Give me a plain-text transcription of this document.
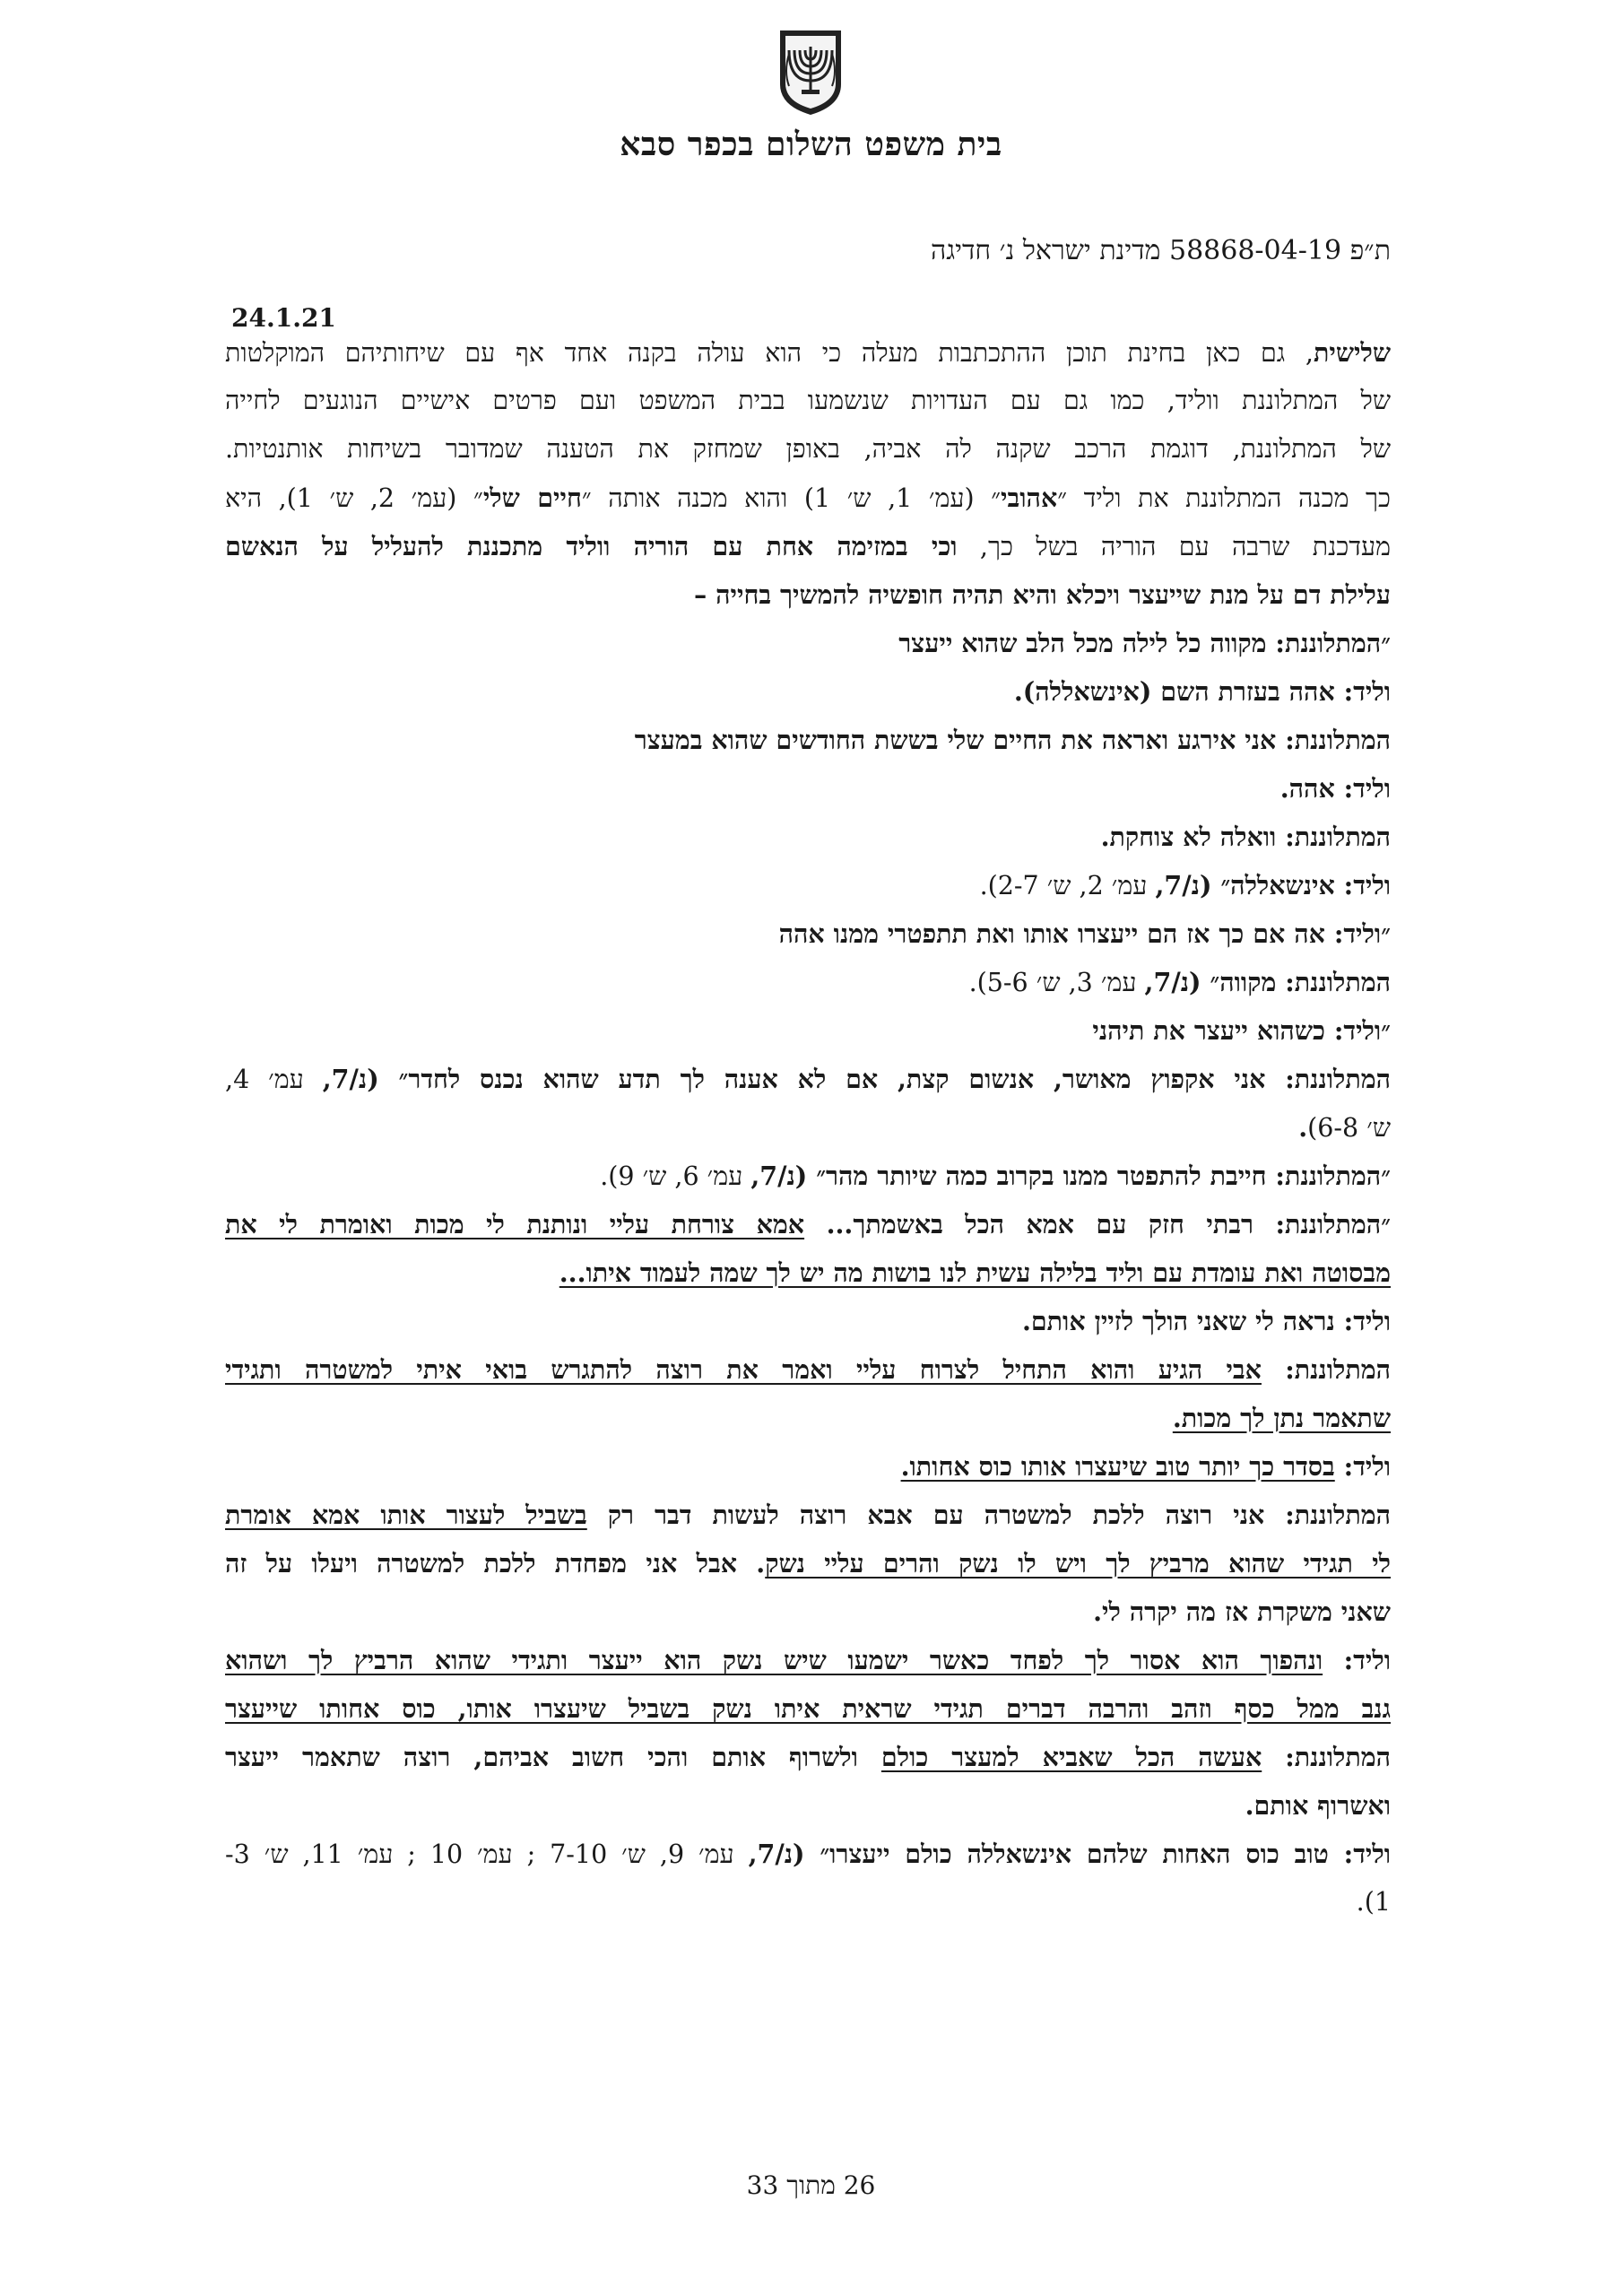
בית משפט השלום בכפר סבא
ת״פ 58868-04-19 מדינת ישראל נ׳ חדיגה
24.1.21
שלישית, גם כאן בחינת תוכן ההתכתבות מעלה כי הוא עולה בקנה אחד אף עם שיחותיהם המוקלטות
של המתלוננת ווליד, כמו גם עם העדויות שנשמעו בבית המשפט ועם פרטים אישיים הנוגעים לחייה
של המתלוננת, דוגמת הרכב שקנה לה אביה, באופן שמחזק את הטענה שמדובר בשיחות אותנטיות.
כך מכנה המתלוננת את וליד ״אהובי״ (עמ׳ 1, ש׳ 1) והוא מכנה אותה ״חיים שלי״ (עמ׳ 2, ש׳ 1), היא
מעדכנת שרבה עם הוריה בשל כך, וכי במזימה אחת עם הוריה ווליד מתכננת להעליל על הנאשם
עלילת דם על מנת שייעצר ויכלא והיא תהיה חופשיה להמשיך בחייה –
״המתלוננת: מקווה כל לילה מכל הלב שהוא ייעצר
וליד: אהה בעזרת השם (אינשאללה).
המתלוננת: אני אירגע ואראה את החיים שלי בששת החודשים שהוא במעצר
וליד: אהה.
המתלוננת: וואלה לא צוחקת.
וליד: אינשאללה״ (נ/7, עמ׳ 2, ש׳ 2-7).
״וליד: אה אם כך אז הם ייעצרו אותו ואת תתפטרי ממנו אהה
המתלוננת: מקווה״ (נ/7, עמ׳ 3, ש׳ 5-6).
״וליד: כשהוא ייעצר את תיהני
המתלוננת: אני אקפוץ מאושר, אנשום קצת, אם לא אענה לך תדע שהוא נכנס לחדר״ (נ/7, עמ׳ 4,
ש׳ 6-8).
״המתלוננת: חייבת להתפטר ממנו בקרוב כמה שיותר מהר״ (נ/7, עמ׳ 6, ש׳ 9).
״המתלוננת: רבתי חזק עם אמא הכל באשמתך... אמא צורחת עליי ונותנת לי מכות ואומרת לי את
מבסוטה ואת עומדת עם וליד בלילה עשית לנו בושות מה יש לך שמה לעמוד איתו...
וליד: נראה לי שאני הולך לזיין אותם.
המתלוננת: אבי הגיע והוא התחיל לצרוח עליי ואמר את רוצה להתגרש בואי איתי למשטרה ותגידי
שתאמר נתן לך מכות.
וליד: בסדר כך יותר טוב שיעצרו אותו כוס אחותו.
המתלוננת: אני רוצה ללכת למשטרה עם אבא רוצה לעשות דבר רק בשביל לעצור אותו אמא אומרת
לי תגידי שהוא מרביץ לך ויש לו נשק והרים עליי נשק. אבל אני מפחדת ללכת למשטרה ויעלו על זה
שאני משקרת אז מה יקרה לי.
וליד: ונהפוך הוא אסור לך לפחד כאשר ישמעו שיש נשק הוא ייעצר ותגידי שהוא הרביץ לך ושהוא
גנב ממל כסף וזהב והרבה דברים תגידי שראית איתו נשק בשביל שיעצרו אותו, כוס אחותו שייעצר
המתלוננת: אעשה הכל שאביא למעצר כולם ולשרוף אותם והכי חשוב אביהם, רוצה שתאמר ייעצר
ואשרוף אותם.
וליד: טוב כוס האחות שלהם אינשאללה כולם ייעצרו״ (נ/7, עמ׳ 9, ש׳ 7-10 ; עמ׳ 10 ; עמ׳ 11, ש׳ 3-
1).
26 מתוך 33
